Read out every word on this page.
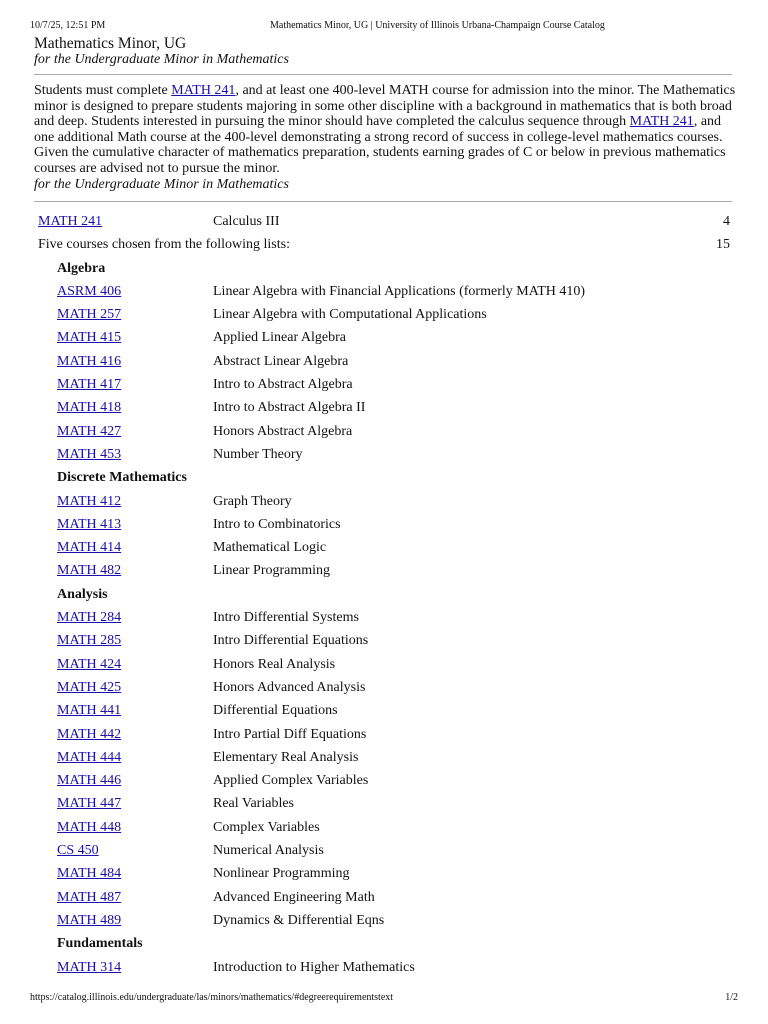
10/7/25, 12:51 PM	Mathematics Minor, UG | University of Illinois Urbana-Champaign Course Catalog
Mathematics Minor, UG
for the Undergraduate Minor in Mathematics

Students must complete MATH 241, and at least one 400-level MATH course for admission into the minor. The Mathematics minor is designed to prepare students majoring in some other discipline with a background in mathematics that is both broad and deep. Students interested in pursuing the minor should have completed the calculus sequence through MATH 241, and one additional Math course at the 400-level demonstrating a strong record of success in college-level mathematics courses. Given the cumulative character of mathematics preparation, students earning grades of C or below in previous mathematics courses are advised not to pursue the minor.

for the Undergraduate Minor in Mathematics

MATH 241	Calculus III	4
Five courses chosen from the following lists:	15
Algebra
ASRM 406	Linear Algebra with Financial Applications (formerly MATH 410)
MATH 257	Linear Algebra with Computational Applications
MATH 415	Applied Linear Algebra
MATH 416	Abstract Linear Algebra
MATH 417	Intro to Abstract Algebra
MATH 418	Intro to Abstract Algebra II
MATH 427	Honors Abstract Algebra
MATH 453	Number Theory
Discrete Mathematics
MATH 412	Graph Theory
MATH 413	Intro to Combinatorics
MATH 414	Mathematical Logic
MATH 482	Linear Programming
Analysis
MATH 284	Intro Differential Systems
MATH 285	Intro Differential Equations
MATH 424	Honors Real Analysis
MATH 425	Honors Advanced Analysis
MATH 441	Differential Equations
MATH 442	Intro Partial Diff Equations
MATH 444	Elementary Real Analysis
MATH 446	Applied Complex Variables
MATH 447	Real Variables
MATH 448	Complex Variables
CS 450	Numerical Analysis
MATH 484	Nonlinear Programming
MATH 487	Advanced Engineering Math
MATH 489	Dynamics & Differential Eqns
Fundamentals
MATH 314	Introduction to Higher Mathematics
https://catalog.illinois.edu/undergraduate/las/minors/mathematics/#degreerequirementstext	1/2
